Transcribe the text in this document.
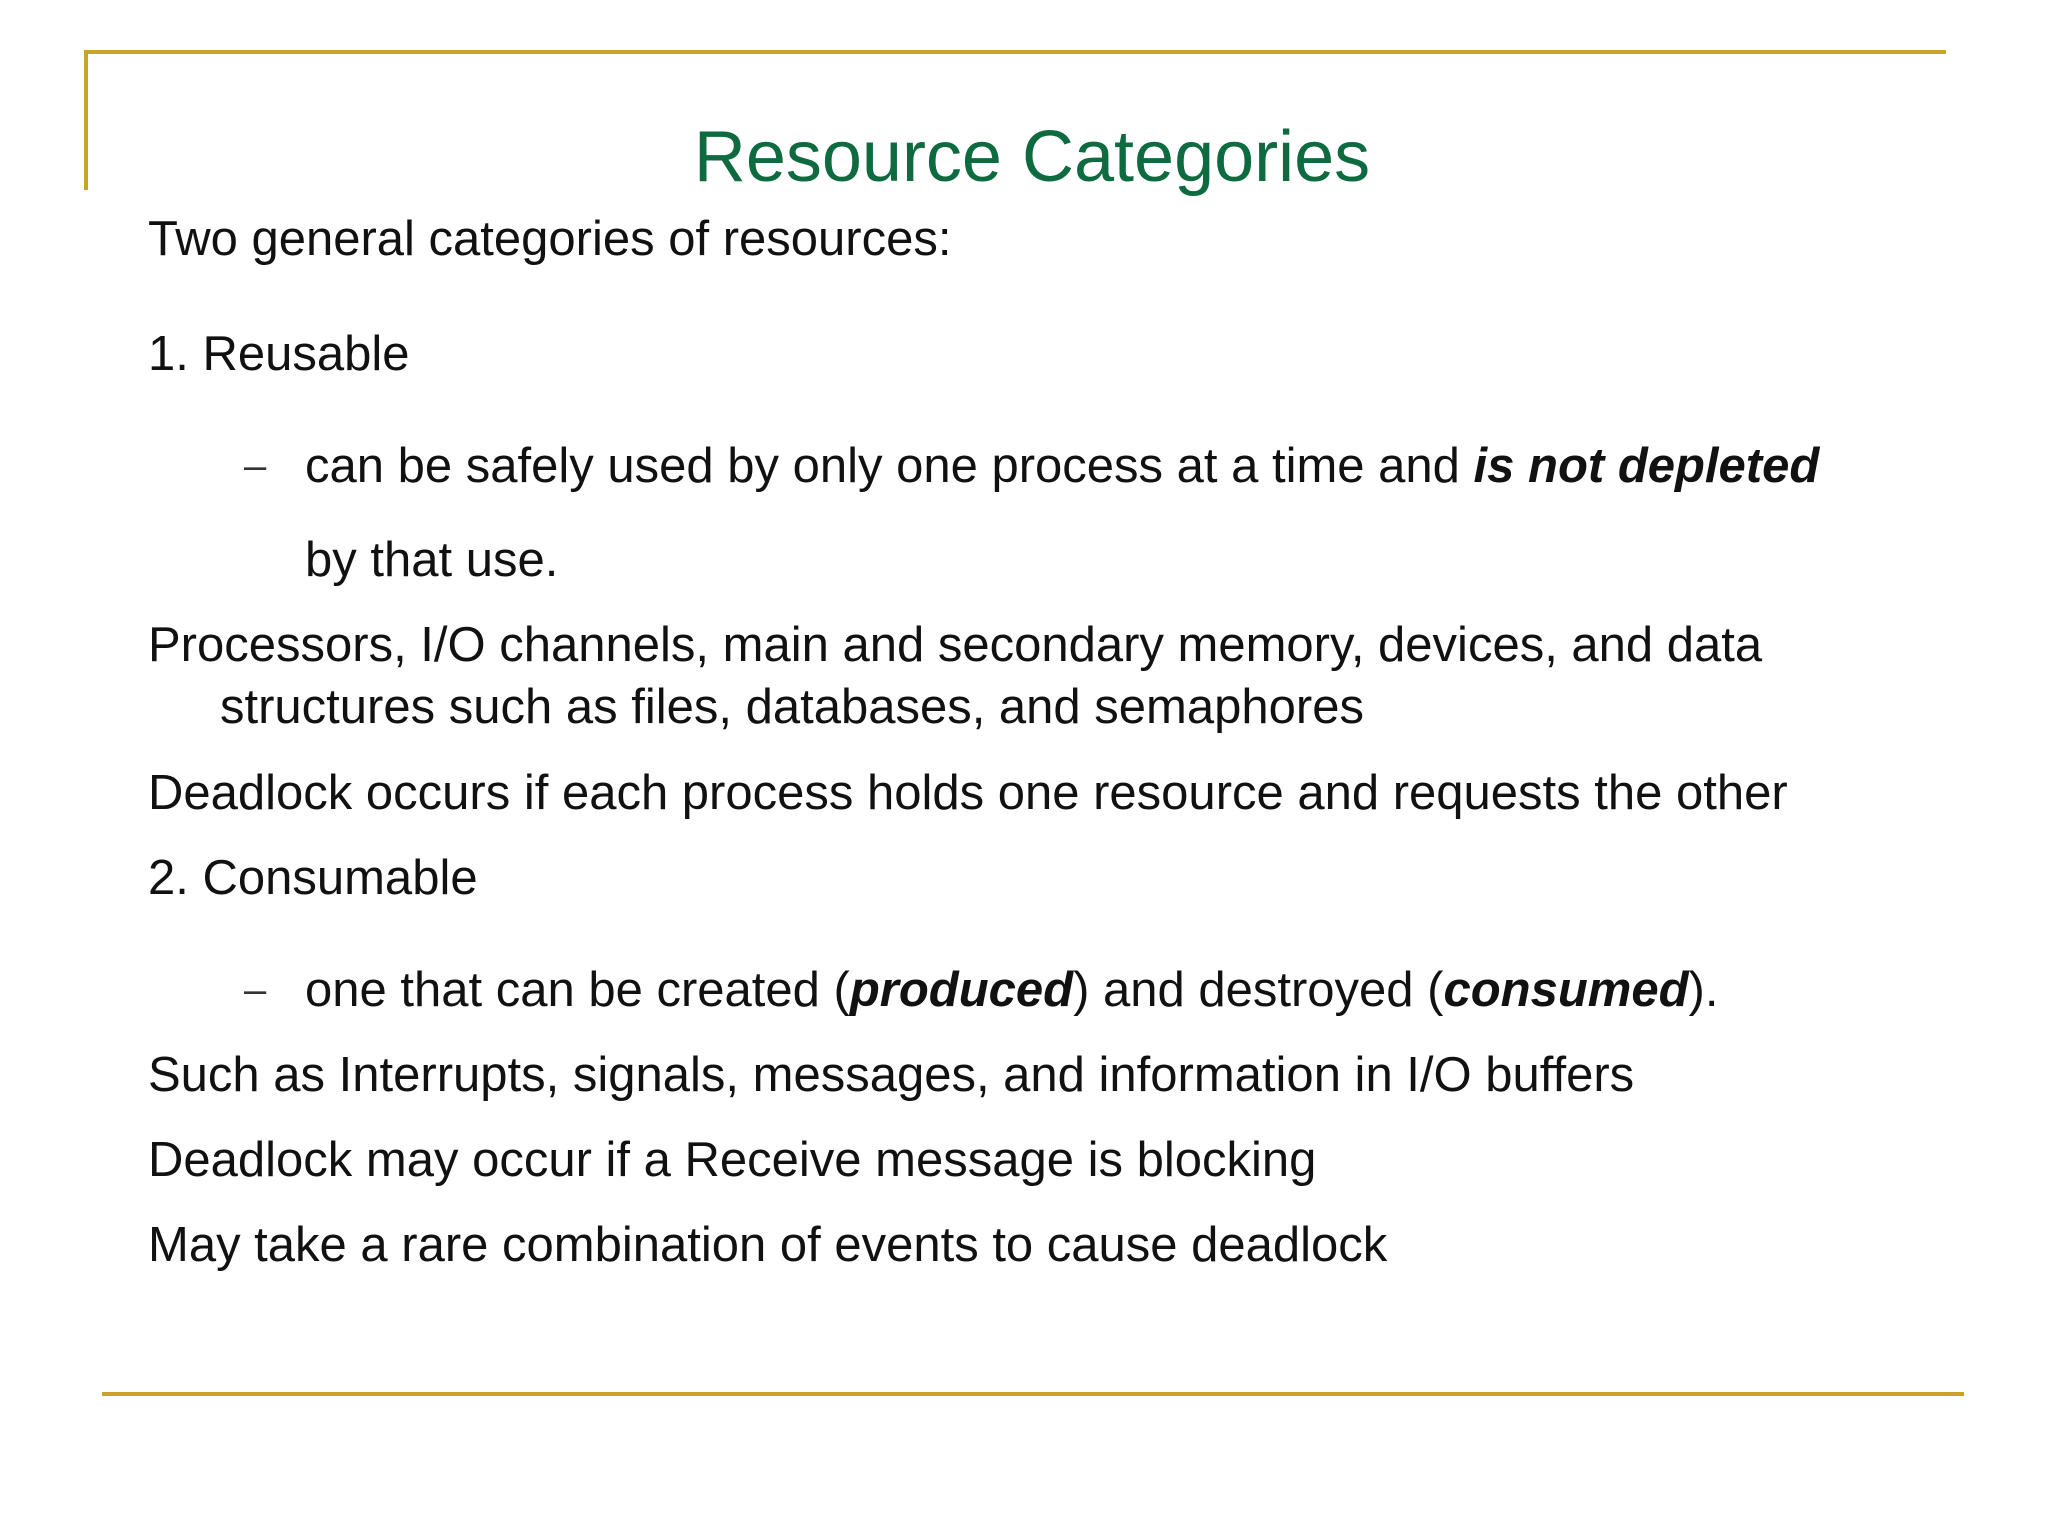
Resource Categories
Two general categories of resources:
1. Reusable
– can be safely used by only one process at a time and is not depleted
by that use.
Processors, I/O channels, main and secondary memory, devices, and data
structures such as files, databases, and semaphores
Deadlock occurs if each process holds one resource and requests the other
2. Consumable
– one that can be created (produced) and destroyed (consumed).
Such as Interrupts, signals, messages, and information in I/O buffers
Deadlock may occur if a Receive message is blocking
May take a rare combination of events to cause deadlock
